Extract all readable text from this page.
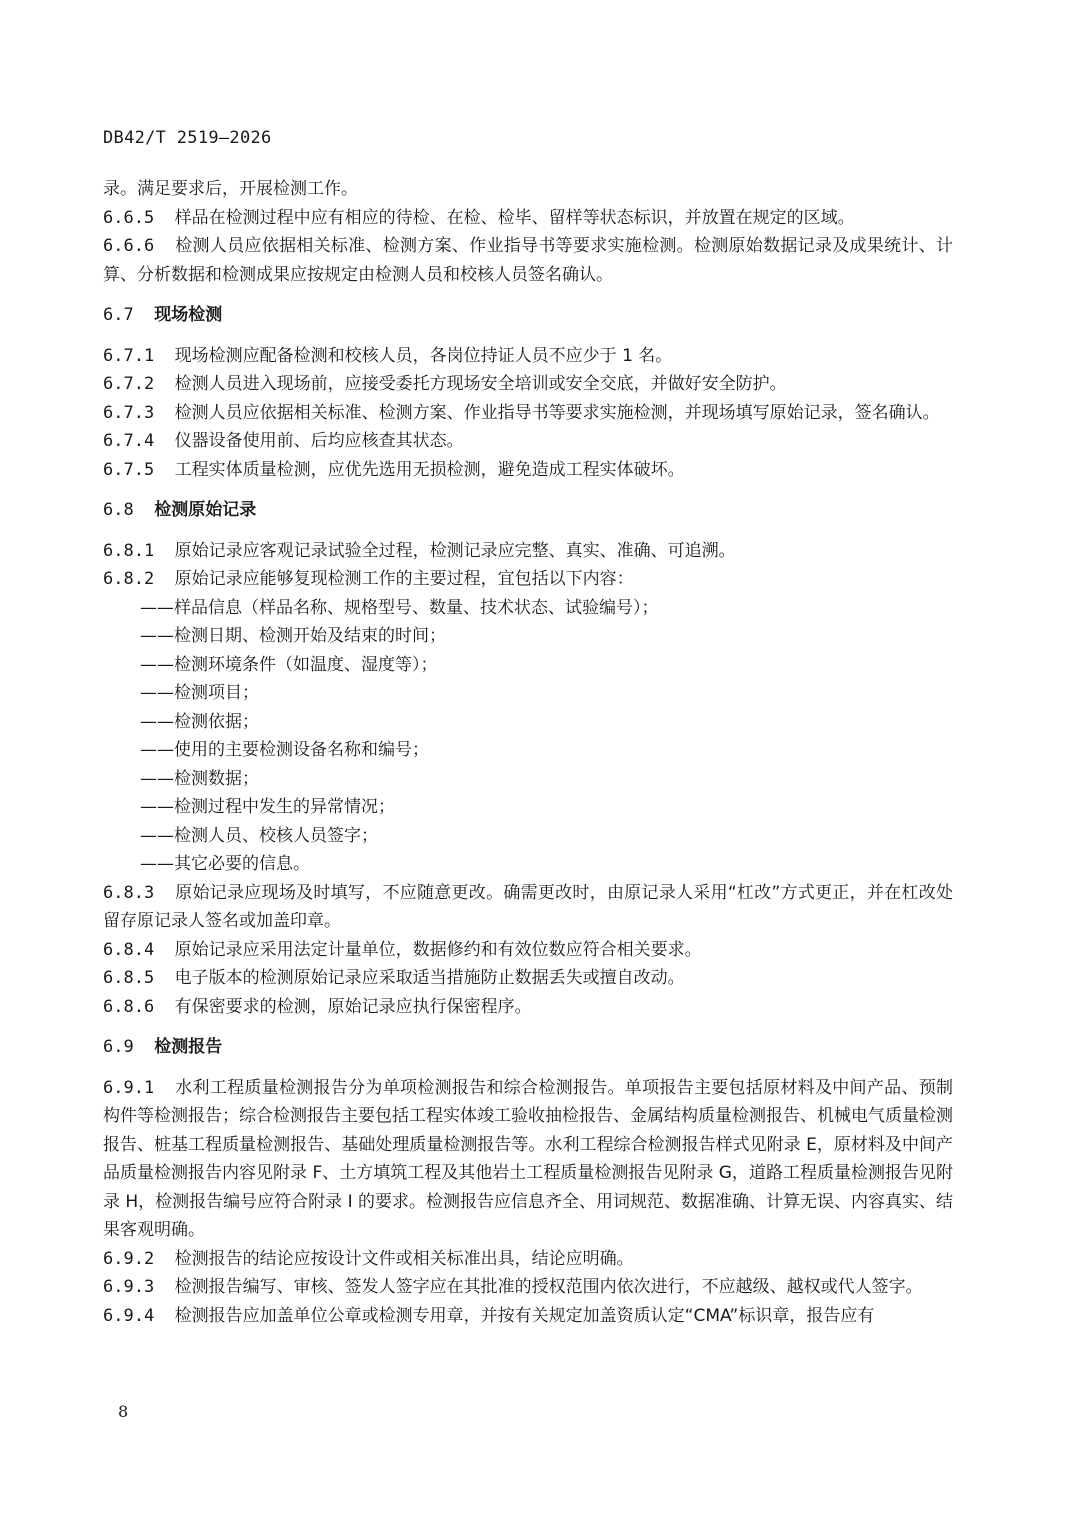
DB42/T 2519—2026
录。满足要求后，开展检测工作。
6.6.5 样品在检测过程中应有相应的待检、在检、检毕、留样等状态标识，并放置在规定的区域。
6.6.6 检测人员应依据相关标准、检测方案、作业指导书等要求实施检测。检测原始数据记录及成果统计、计算、分析数据和检测成果应按规定由检测人员和校核人员签名确认。
6.7 现场检测
6.7.1 现场检测应配备检测和校核人员，各岗位持证人员不应少于 1 名。
6.7.2 检测人员进入现场前，应接受委托方现场安全培训或安全交底，并做好安全防护。
6.7.3 检测人员应依据相关标准、检测方案、作业指导书等要求实施检测，并现场填写原始记录，签名确认。
6.7.4 仪器设备使用前、后均应核查其状态。
6.7.5 工程实体质量检测，应优先选用无损检测，避免造成工程实体破坏。
6.8 检测原始记录
6.8.1 原始记录应客观记录试验全过程，检测记录应完整、真实、准确、可追溯。
6.8.2 原始记录应能够复现检测工作的主要过程，宜包括以下内容：
——样品信息（样品名称、规格型号、数量、技术状态、试验编号）；
——检测日期、检测开始及结束的时间；
——检测环境条件（如温度、湿度等）；
——检测项目；
——检测依据；
——使用的主要检测设备名称和编号；
——检测数据；
——检测过程中发生的异常情况；
——检测人员、校核人员签字；
——其它必要的信息。
6.8.3 原始记录应现场及时填写，不应随意更改。确需更改时，由原记录人采用“杠改”方式更正，并在杠改处留存原记录人签名或加盖印章。
6.8.4 原始记录应采用法定计量单位，数据修约和有效位数应符合相关要求。
6.8.5 电子版本的检测原始记录应采取适当措施防止数据丢失或擅自改动。
6.8.6 有保密要求的检测，原始记录应执行保密程序。
6.9 检测报告
6.9.1 水利工程质量检测报告分为单项检测报告和综合检测报告。单项报告主要包括原材料及中间产品、预制构件等检测报告；综合检测报告主要包括工程实体竣工验收抽检报告、金属结构质量检测报告、机械电气质量检测报告、桩基工程质量检测报告、基础处理质量检测报告等。水利工程综合检测报告样式见附录 E，原材料及中间产品质量检测报告内容见附录 F、土方填筑工程及其他岩土工程质量检测报告见附录 G，道路工程质量检测报告见附录 H，检测报告编号应符合附录 I 的要求。检测报告应信息齐全、用词规范、数据准确、计算无误、内容真实、结果客观明确。
6.9.2 检测报告的结论应按设计文件或相关标准出具，结论应明确。
6.9.3 检测报告编写、审核、签发人签字应在其批准的授权范围内依次进行，不应越级、越权或代人签字。
6.9.4 检测报告应加盖单位公章或检测专用章，并按有关规定加盖资质认定“CMA”标识章，报告应有
8
